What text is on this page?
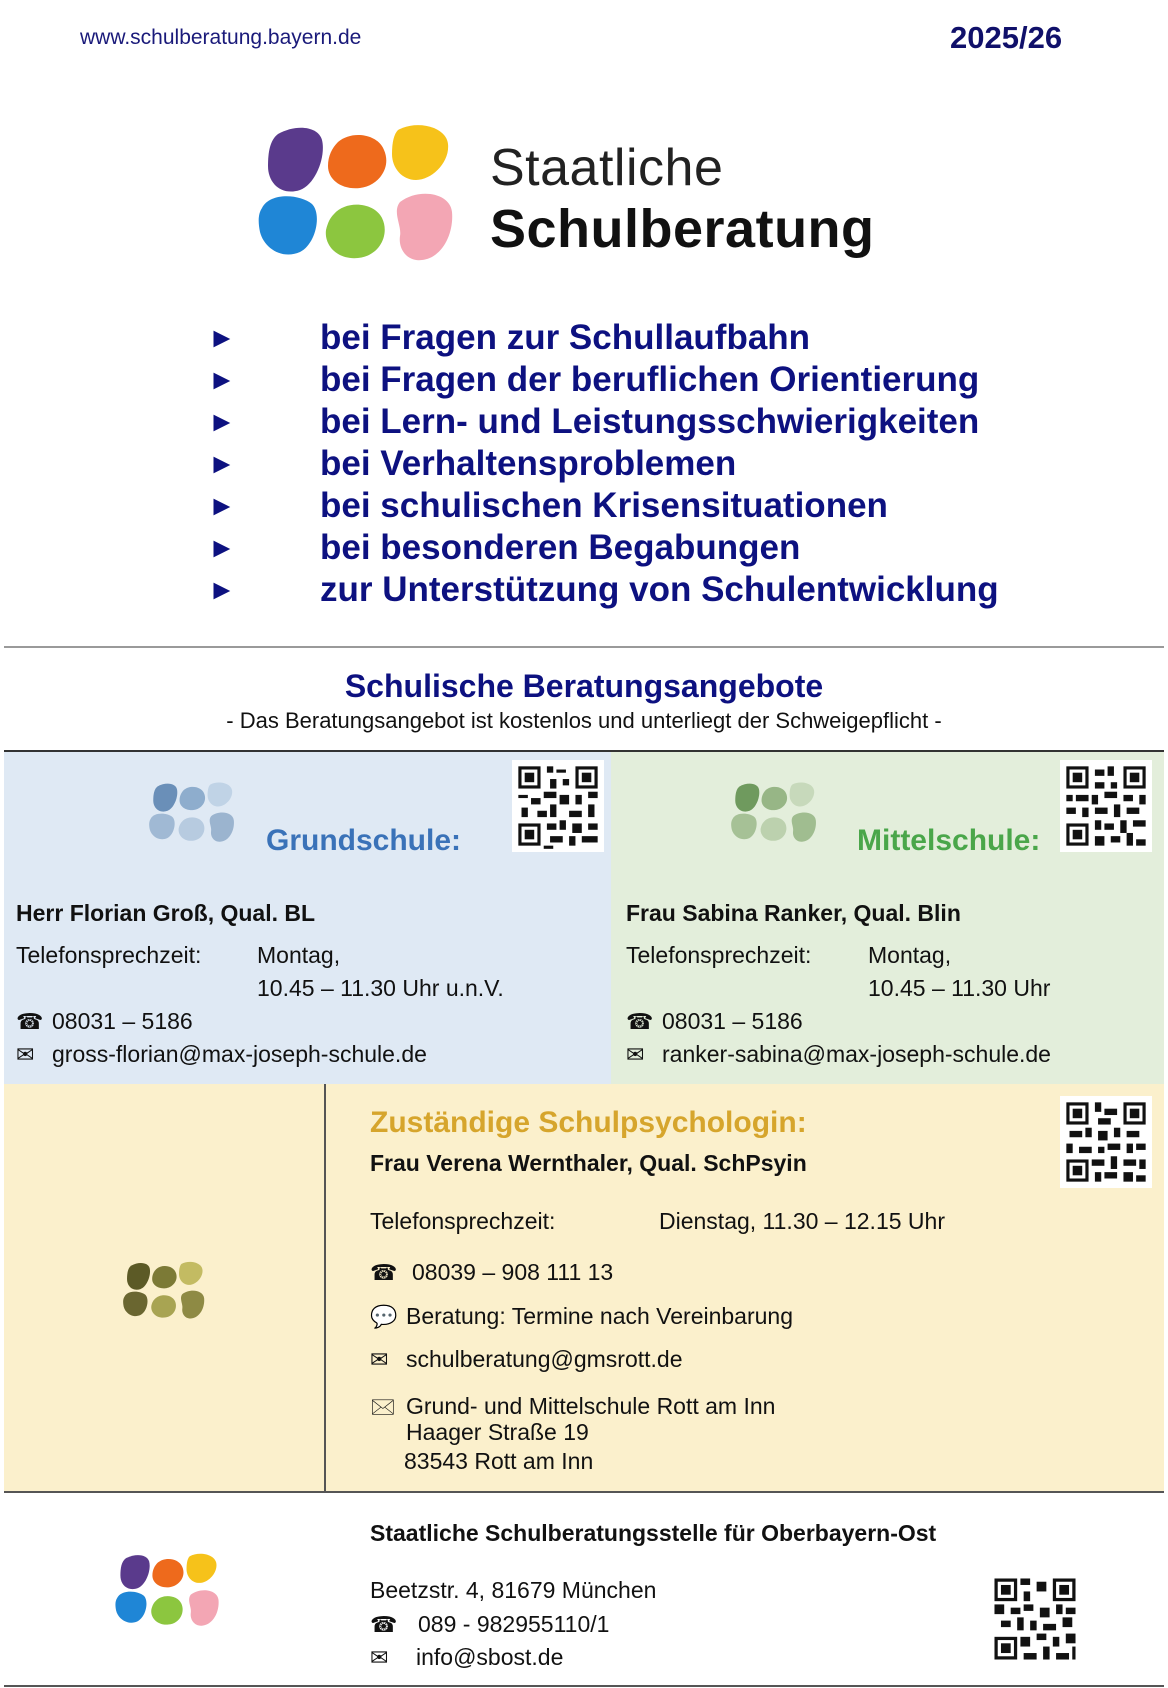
www.schulberatung.bayern.de	2025/26
Staatliche
Schulberatung
► bei Fragen zur Schullaufbahn
► bei Fragen der beruflichen Orientierung
► bei Lern- und Leistungsschwierigkeiten
► bei Verhaltensproblemen
► bei schulischen Krisensituationen
► bei besonderen Begabungen
► zur Unterstützung von Schulentwicklung
Schulische Beratungsangebote
- Das Beratungsangebot ist kostenlos und unterliegt der Schweigepflicht -
Grundschule:
Herr Florian Groß, Qual. BL
Telefonsprechzeit: Montag,
10.45 – 11.30 Uhr u.n.V.
☎ 08031 – 5186
✉ gross-florian@max-joseph-schule.de
Mittelschule:
Frau Sabina Ranker, Qual. Blin
Telefonsprechzeit: Montag,
10.45 – 11.30 Uhr
☎ 08031 – 5186
✉ ranker-sabina@max-joseph-schule.de
Zuständige Schulpsychologin:
Frau Verena Wernthaler, Qual. SchPsyin
Telefonsprechzeit:	Dienstag, 11.30 – 12.15 Uhr
☎ 08039 – 908 111 13
💬 Beratung: Termine nach Vereinbarung
✉ schulberatung@gmsrott.de
🖂 Grund- und Mittelschule Rott am Inn
Haager Straße 19
83543 Rott am Inn
Staatliche Schulberatungsstelle für Oberbayern-Ost
Beetzstr. 4, 81679 München
☎ 089 - 982955110/1
✉ info@sbost.de
